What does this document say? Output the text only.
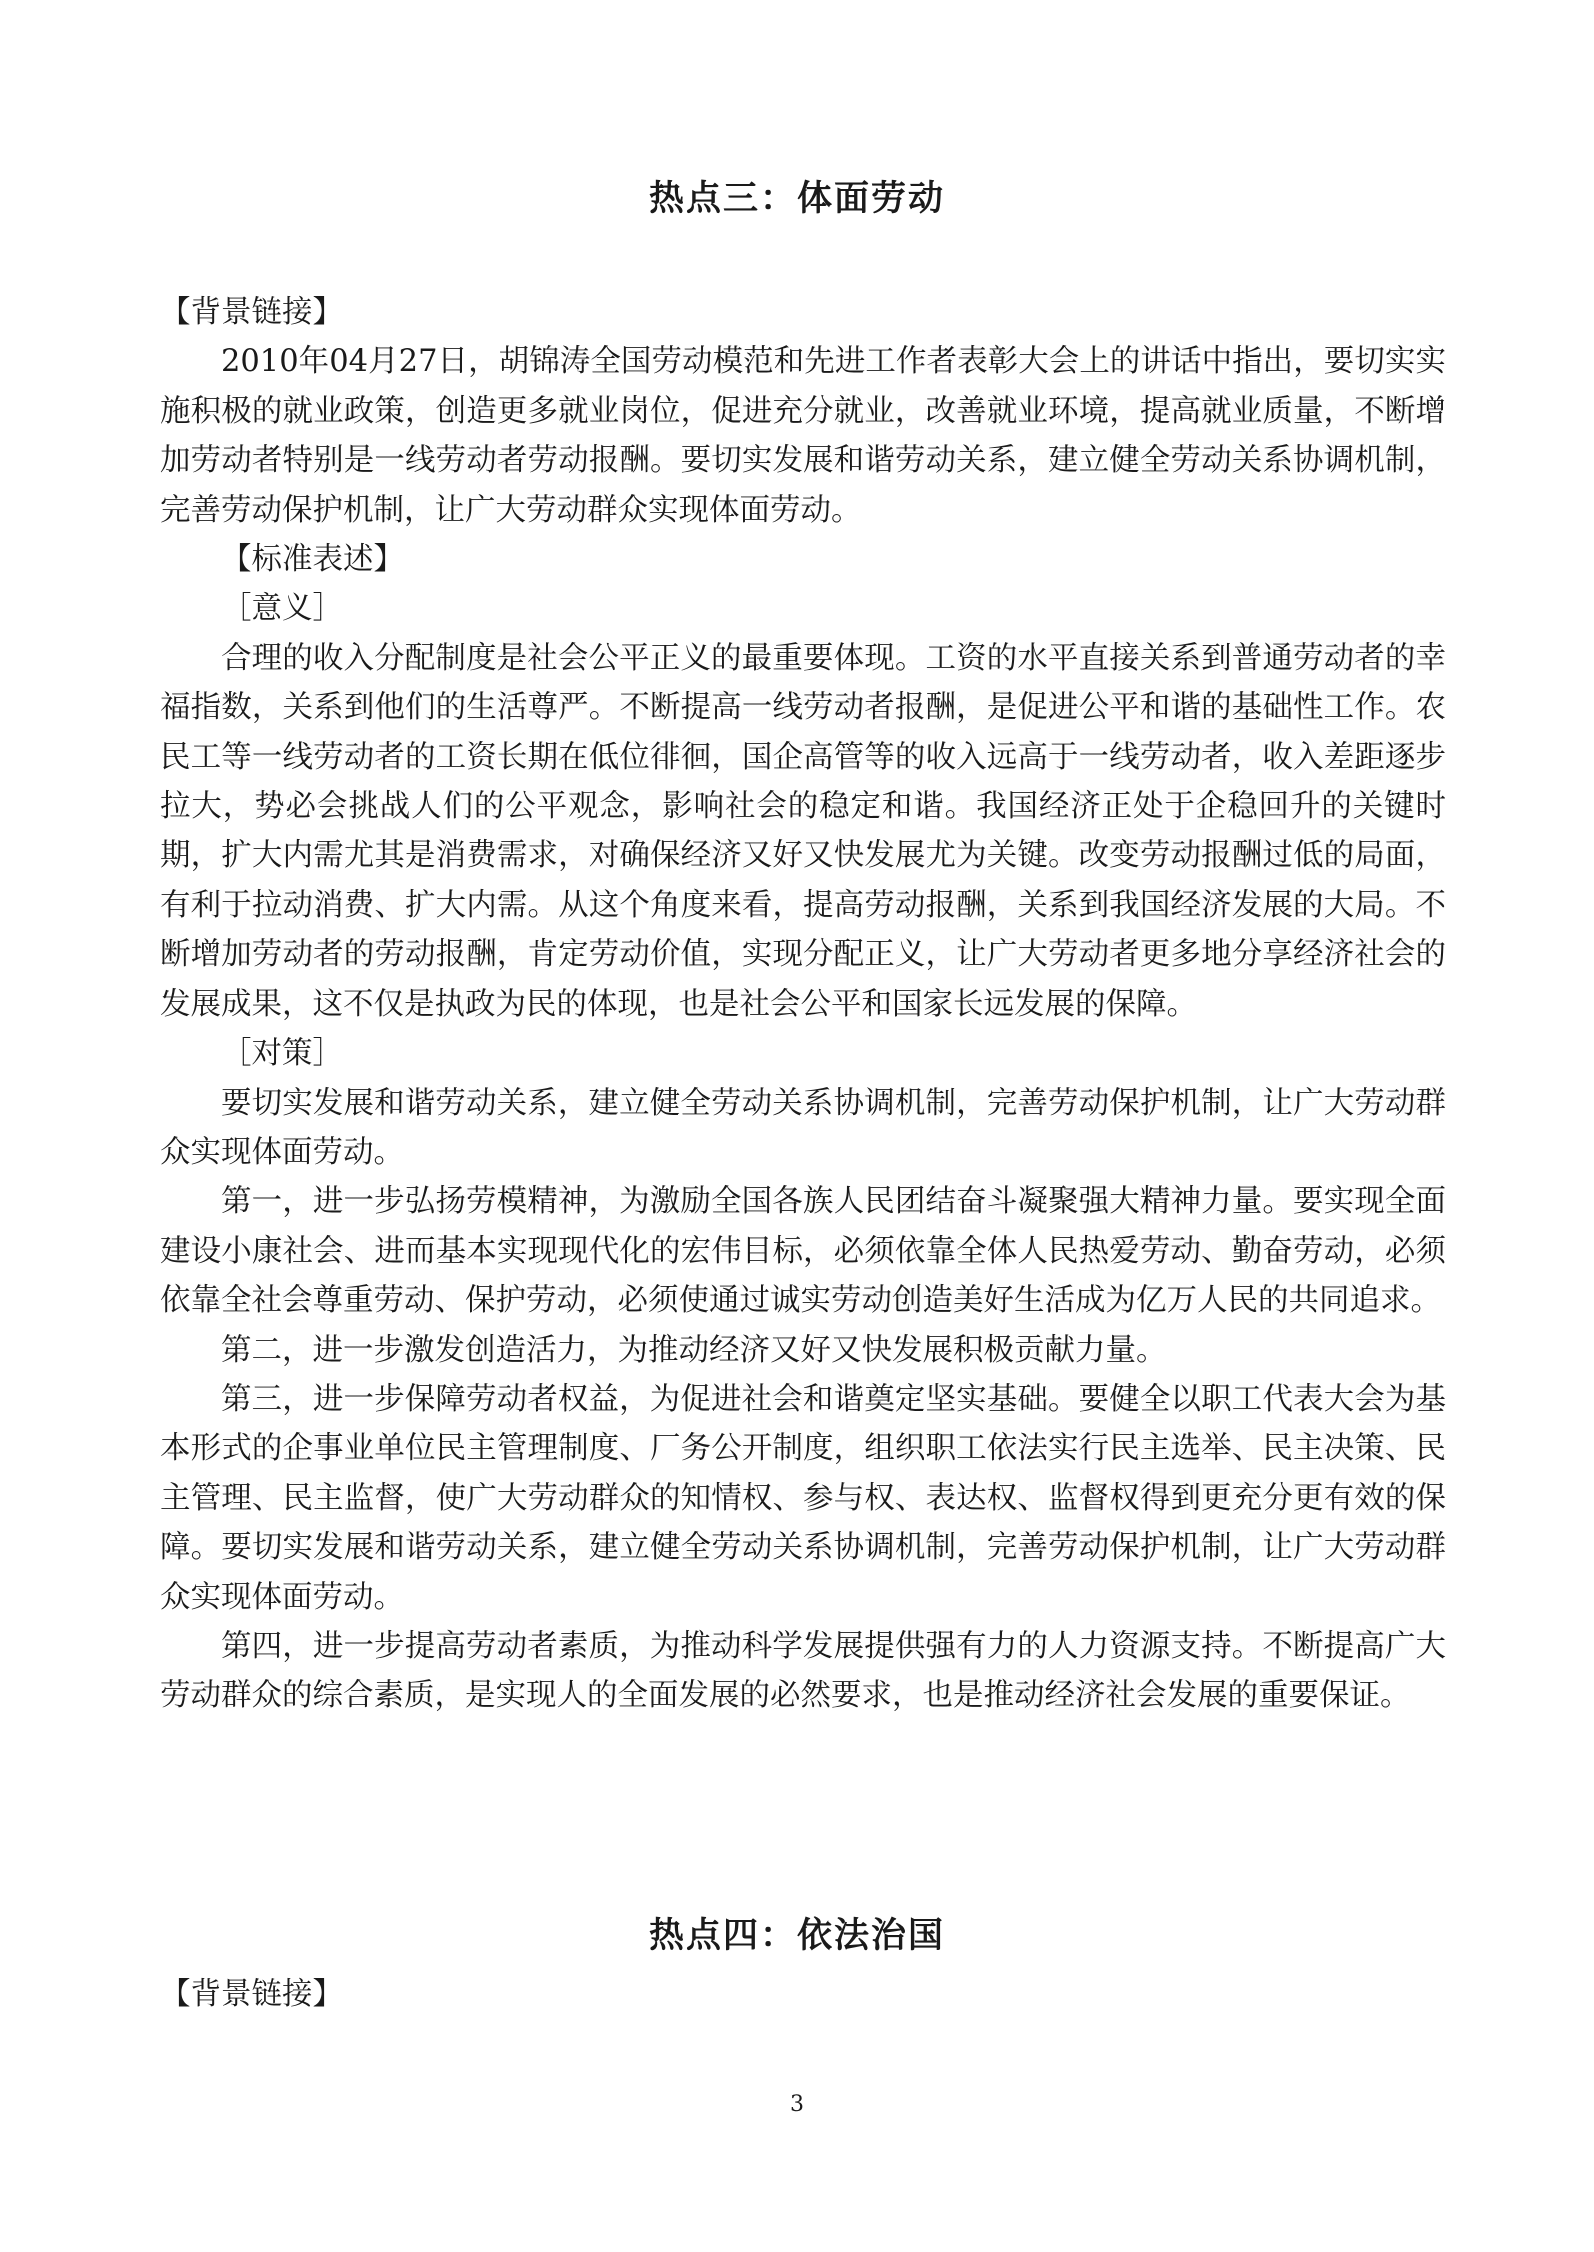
热点三：体面劳动

【背景链接】

2010年04月27日，胡锦涛全国劳动模范和先进工作者表彰大会上的讲话中指出，要切实实施积极的就业政策，创造更多就业岗位，促进充分就业，改善就业环境，提高就业质量，不断增加劳动者特别是一线劳动者劳动报酬。要切实发展和谐劳动关系，建立健全劳动关系协调机制，完善劳动保护机制，让广大劳动群众实现体面劳动。

【标准表述】

［意义］

合理的收入分配制度是社会公平正义的最重要体现。工资的水平直接关系到普通劳动者的幸福指数，关系到他们的生活尊严。不断提高一线劳动者报酬，是促进公平和谐的基础性工作。农民工等一线劳动者的工资长期在低位徘徊，国企高管等的收入远高于一线劳动者，收入差距逐步拉大，势必会挑战人们的公平观念，影响社会的稳定和谐。我国经济正处于企稳回升的关键时期，扩大内需尤其是消费需求，对确保经济又好又快发展尤为关键。改变劳动报酬过低的局面，有利于拉动消费、扩大内需。从这个角度来看，提高劳动报酬，关系到我国经济发展的大局。不断增加劳动者的劳动报酬，肯定劳动价值，实现分配正义，让广大劳动者更多地分享经济社会的发展成果，这不仅是执政为民的体现，也是社会公平和国家长远发展的保障。

［对策］

要切实发展和谐劳动关系，建立健全劳动关系协调机制，完善劳动保护机制，让广大劳动群众实现体面劳动。

第一，进一步弘扬劳模精神，为激励全国各族人民团结奋斗凝聚强大精神力量。要实现全面建设小康社会、进而基本实现现代化的宏伟目标，必须依靠全体人民热爱劳动、勤奋劳动，必须依靠全社会尊重劳动、保护劳动，必须使通过诚实劳动创造美好生活成为亿万人民的共同追求。

第二，进一步激发创造活力，为推动经济又好又快发展积极贡献力量。

第三，进一步保障劳动者权益，为促进社会和谐奠定坚实基础。要健全以职工代表大会为基本形式的企事业单位民主管理制度、厂务公开制度，组织职工依法实行民主选举、民主决策、民主管理、民主监督，使广大劳动群众的知情权、参与权、表达权、监督权得到更充分更有效的保障。要切实发展和谐劳动关系，建立健全劳动关系协调机制，完善劳动保护机制，让广大劳动群众实现体面劳动。

第四，进一步提高劳动者素质，为推动科学发展提供强有力的人力资源支持。不断提高广大劳动群众的综合素质，是实现人的全面发展的必然要求，也是推动经济社会发展的重要保证。

热点四：依法治国

【背景链接】

3
